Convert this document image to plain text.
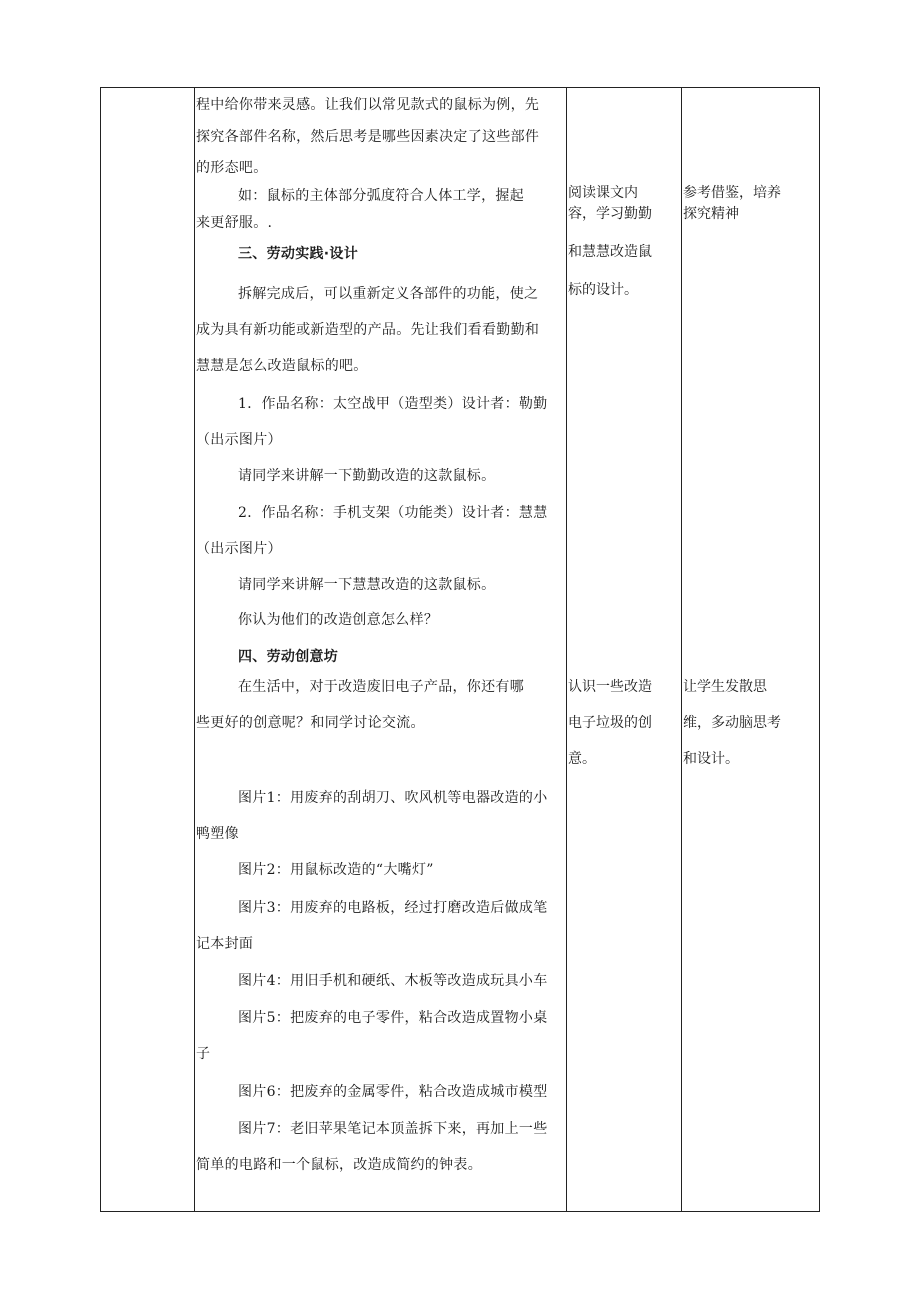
程中给你带来灵感。让我们以常见款式的鼠标为例，先
探究各部件名称，然后思考是哪些因素决定了这些部件
的形态吧。
如：鼠标的主体部分弧度符合人体工学，握起
来更舒服。.
三、劳动实践·设计
拆解完成后，可以重新定义各部件的功能，使之
成为具有新功能或新造型的产品。先让我们看看勤勤和
慧慧是怎么改造鼠标的吧。
1．作品名称：太空战甲（造型类）设计者：勒勤
（出示图片）
请同学来讲解一下勤勤改造的这款鼠标。
2．作品名称：手机支架（功能类）设计者：慧慧
（出示图片）
请同学来讲解一下慧慧改造的这款鼠标。
你认为他们的改造创意怎么样？
四、劳动创意坊
在生活中，对于改造废旧电子产品，你还有哪
些更好的创意呢？和同学讨论交流。
图片1：用废弃的刮胡刀、吹风机等电器改造的小
鸭塑像
图片2：用鼠标改造的“大嘴灯”
图片3：用废弃的电路板，经过打磨改造后做成笔
记本封面
图片4：用旧手机和硬纸、木板等改造成玩具小车
图片5：把废弃的电子零件，粘合改造成置物小桌
子
图片6：把废弃的金属零件，粘合改造成城市模型
图片7：老旧苹果笔记本顶盖拆下来，再加上一些
简单的电路和一个鼠标，改造成简约的钟表。
阅读课文内
容，学习勤勤
和慧慧改造鼠
标的设计。
认识一些改造
电子垃圾的创
意。
参考借鉴，培养
探究精神
让学生发散思
维，多动脑思考
和设计。
